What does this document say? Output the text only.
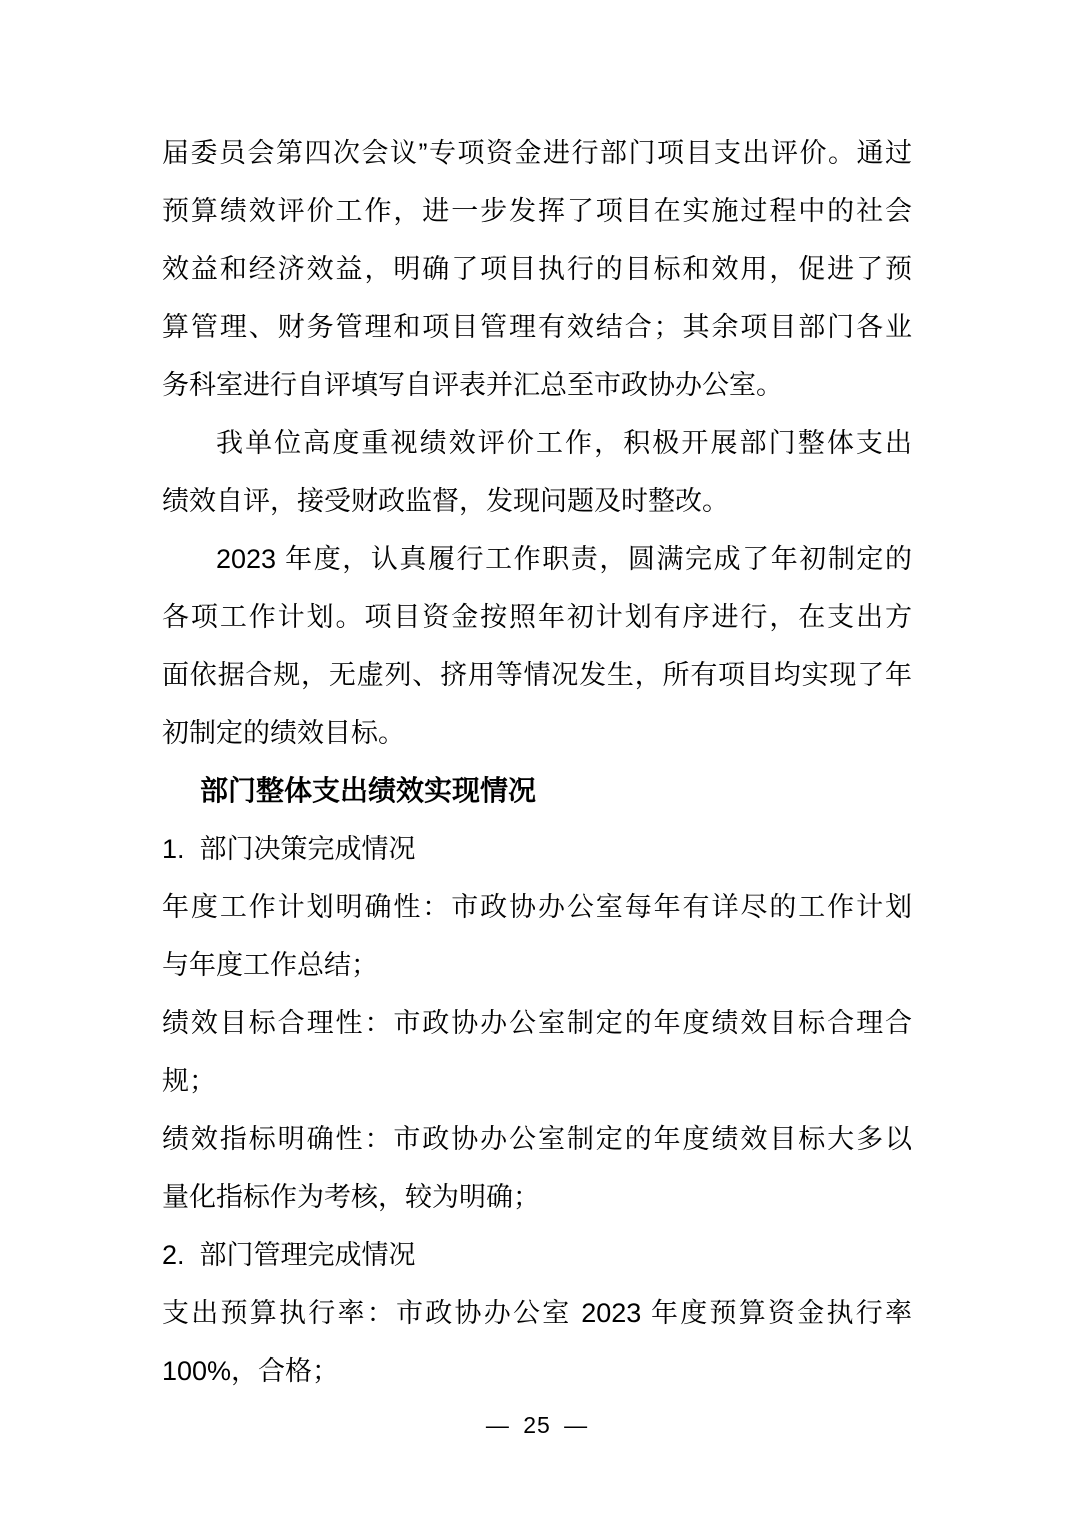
届委员会第四次会议”专项资金进行部门项目支出评价。通过
预算绩效评价工作，进一步发挥了项目在实施过程中的社会
效益和经济效益，明确了项目执行的目标和效用，促进了预
算管理、财务管理和项目管理有效结合；其余项目部门各业
务科室进行自评填写自评表并汇总至市政协办公室。
我单位高度重视绩效评价工作，积极开展部门整体支出
绩效自评，接受财政监督，发现问题及时整改。
2023 年度，认真履行工作职责，圆满完成了年初制定的
各项工作计划。项目资金按照年初计划有序进行，在支出方
面依据合规，无虚列、挤用等情况发生，所有项目均实现了年
初制定的绩效目标。
部门整体支出绩效实现情况
1.  部门决策完成情况
年度工作计划明确性：市政协办公室每年有详尽的工作计划
与年度工作总结；
绩效目标合理性：市政协办公室制定的年度绩效目标合理合
规；
绩效指标明确性：市政协办公室制定的年度绩效目标大多以
量化指标作为考核，较为明确；
2.  部门管理完成情况
支出预算执行率：市政协办公室 2023 年度预算资金执行率
100%，合格；
— 25 —
